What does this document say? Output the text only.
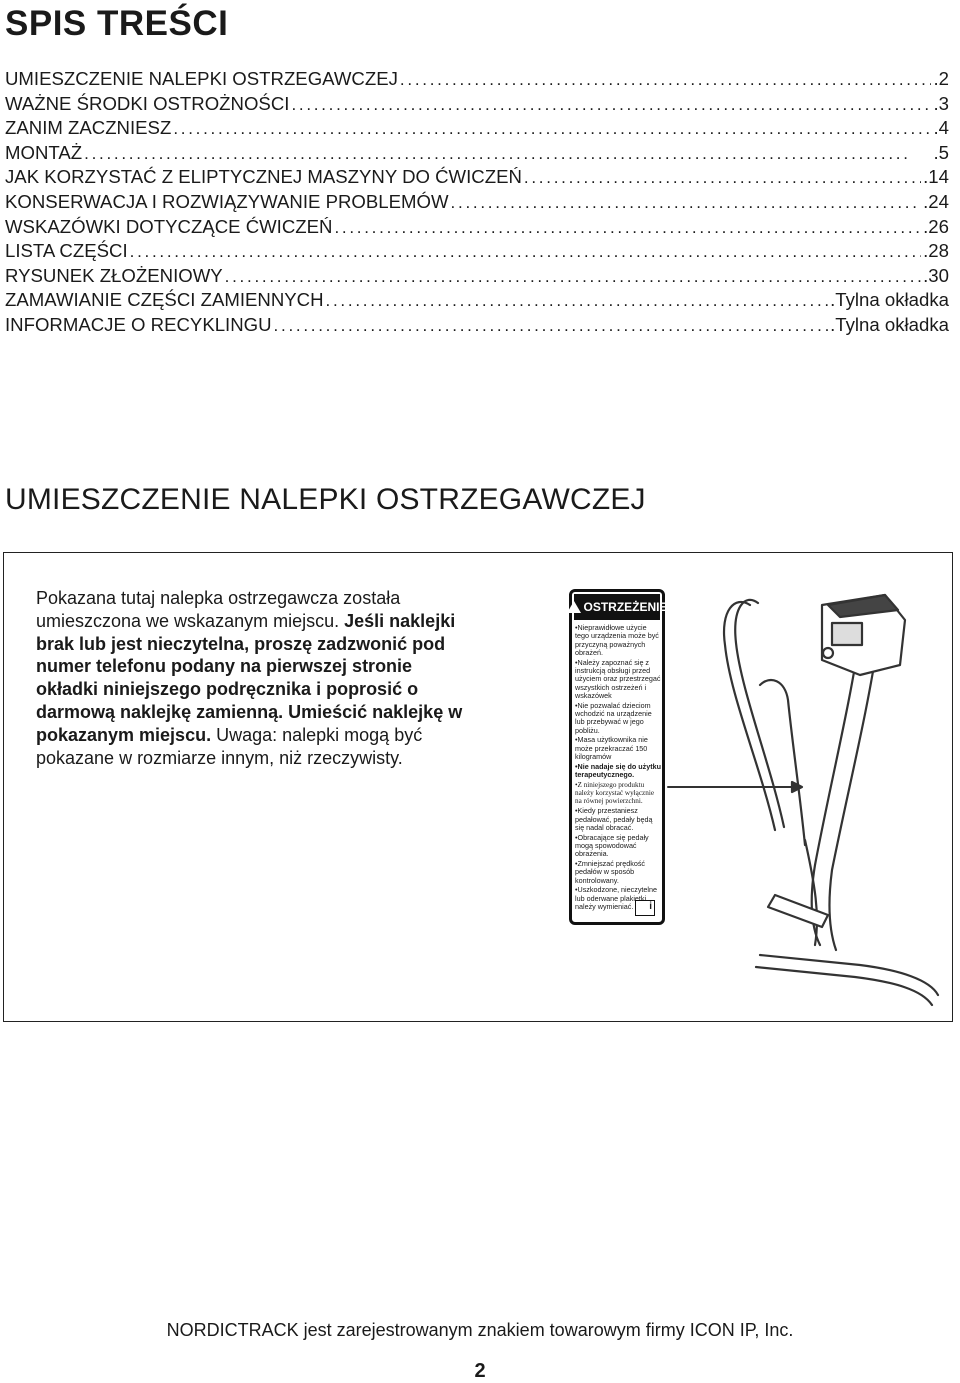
SPIS TREŚCI
UMIESZCZENIE NALEPKI OSTRZEGAWCZEJ . . .	.2
WAŻNE ŚRODKI OSTROŻNOŚCI . . .	.3
ZANIM ZACZNIESZ . . .	.4
MONTAŻ . . .	.5
JAK KORZYSTAĆ Z ELIPTYCZNEJ MASZYNY DO ĆWICZEŃ . . .	.14
KONSERWACJA I ROZWIĄZYWANIE PROBLEMÓW . . .	.24
WSKAZÓWKI DOTYCZĄCE ĆWICZEŃ . . .	.26
LISTA CZĘŚCI . . .	.28
RYSUNEK ZŁOŻENIOWY . . .	.30
ZAMAWIANIE CZĘŚCI ZAMIENNYCH . . .	.Tylna okładka
INFORMACJE O RECYKLINGU . . .	.Tylna okładka
UMIESZCZENIE NALEPKI OSTRZEGAWCZEJ
Pokazana tutaj nalepka ostrzegawcza została umieszczona we wskazanym miejscu. Jeśli naklejki brak lub jest nieczytelna, proszę zadzwonić pod numer telefonu podany na pierwszej stronie okładki niniejszego podręcznika i poprosić o darmową naklejkę zamienną. Umieścić naklejkę w pokazanym miejscu. Uwaga: nalepki mogą być pokazane w rozmiarze innym, niż rzeczywisty.
OSTRZEŻENIE
•Nieprawidłowe użycie tego urządzenia może być przyczyną poważnych obrażeń.
•Należy zapoznać się z instrukcją obsługi przed użyciem oraz przestrzegać wszystkich ostrzeżeń i wskazówek
•Nie pozwalać dzieciom wchodzić na urządzenie lub przebywać w jego pobliżu.
•Masa użytkownika nie może przekraczać 150 kilogramów
•Nie nadaje się do użytku terapeutycznego.
•Z niniejszego produktu należy korzystać wyłącznie na równej powierzchni.
•Kiedy przestaniesz pedałować, pedały będą się nadal obracać.
•Obracające się pedały mogą spowodować obrażenia.
•Zmniejszać prędkość pedałów w sposób kontrolowany.
•Uszkodzone, nieczytelne lub oderwane plakietki należy wymieniać.	i
NORDICTRACK jest zarejestrowanym znakiem towarowym firmy ICON IP, Inc.
2
